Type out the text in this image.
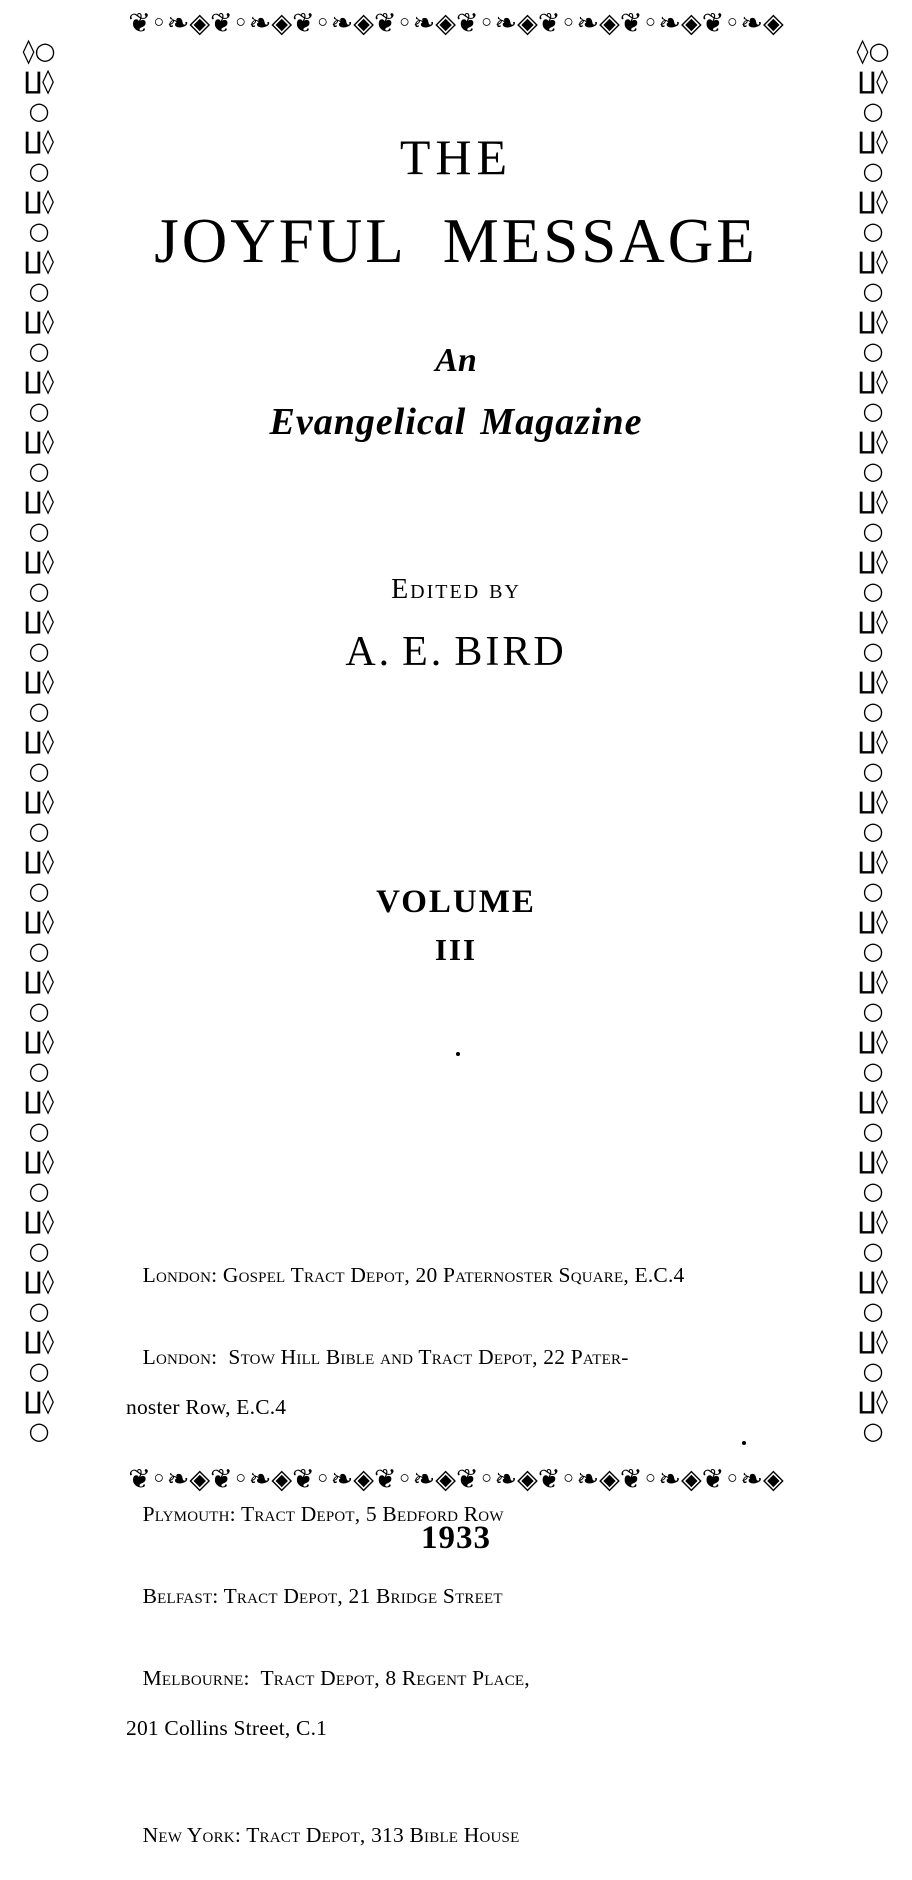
❦◦❧◈❦◦❧◈❦◦❧◈❦◦❧◈❦◦❧◈❦◦❧◈❦◦❧◈❦◦❧◈
❦◦❧◈❦◦❧◈❦◦❧◈❦◦❧◈❦◦❧◈❦◦❧◈❦◦❧◈❦◦❧◈
◊○∐◊○∐◊○∐◊○∐◊○∐◊○∐◊○∐◊○∐◊○∐◊○∐◊○∐◊○∐◊○∐◊○∐◊○∐◊○∐◊○∐◊○∐◊○∐◊○∐◊○∐◊○∐◊○∐◊○
◊○∐◊○∐◊○∐◊○∐◊○∐◊○∐◊○∐◊○∐◊○∐◊○∐◊○∐◊○∐◊○∐◊○∐◊○∐◊○∐◊○∐◊○∐◊○∐◊○∐◊○∐◊○∐◊○∐◊○
THE
JOYFUL MESSAGE
An
Evangelical Magazine
Edited by
A. E. BIRD
VOLUME
III

London: Gospel Tract Depot, 20 Paternoster Square, E.C.4

London:  Stow Hill Bible and Tract Depot, 22 Pater-

noster Row, E.C.4

Plymouth: Tract Depot, 5 Bedford Row

Belfast: Tract Depot, 21 Bridge Street

Melbourne:  Tract Depot, 8 Regent Place,

201 Collins Street, C.1

New York: Tract Depot, 313 Bible House

1933
